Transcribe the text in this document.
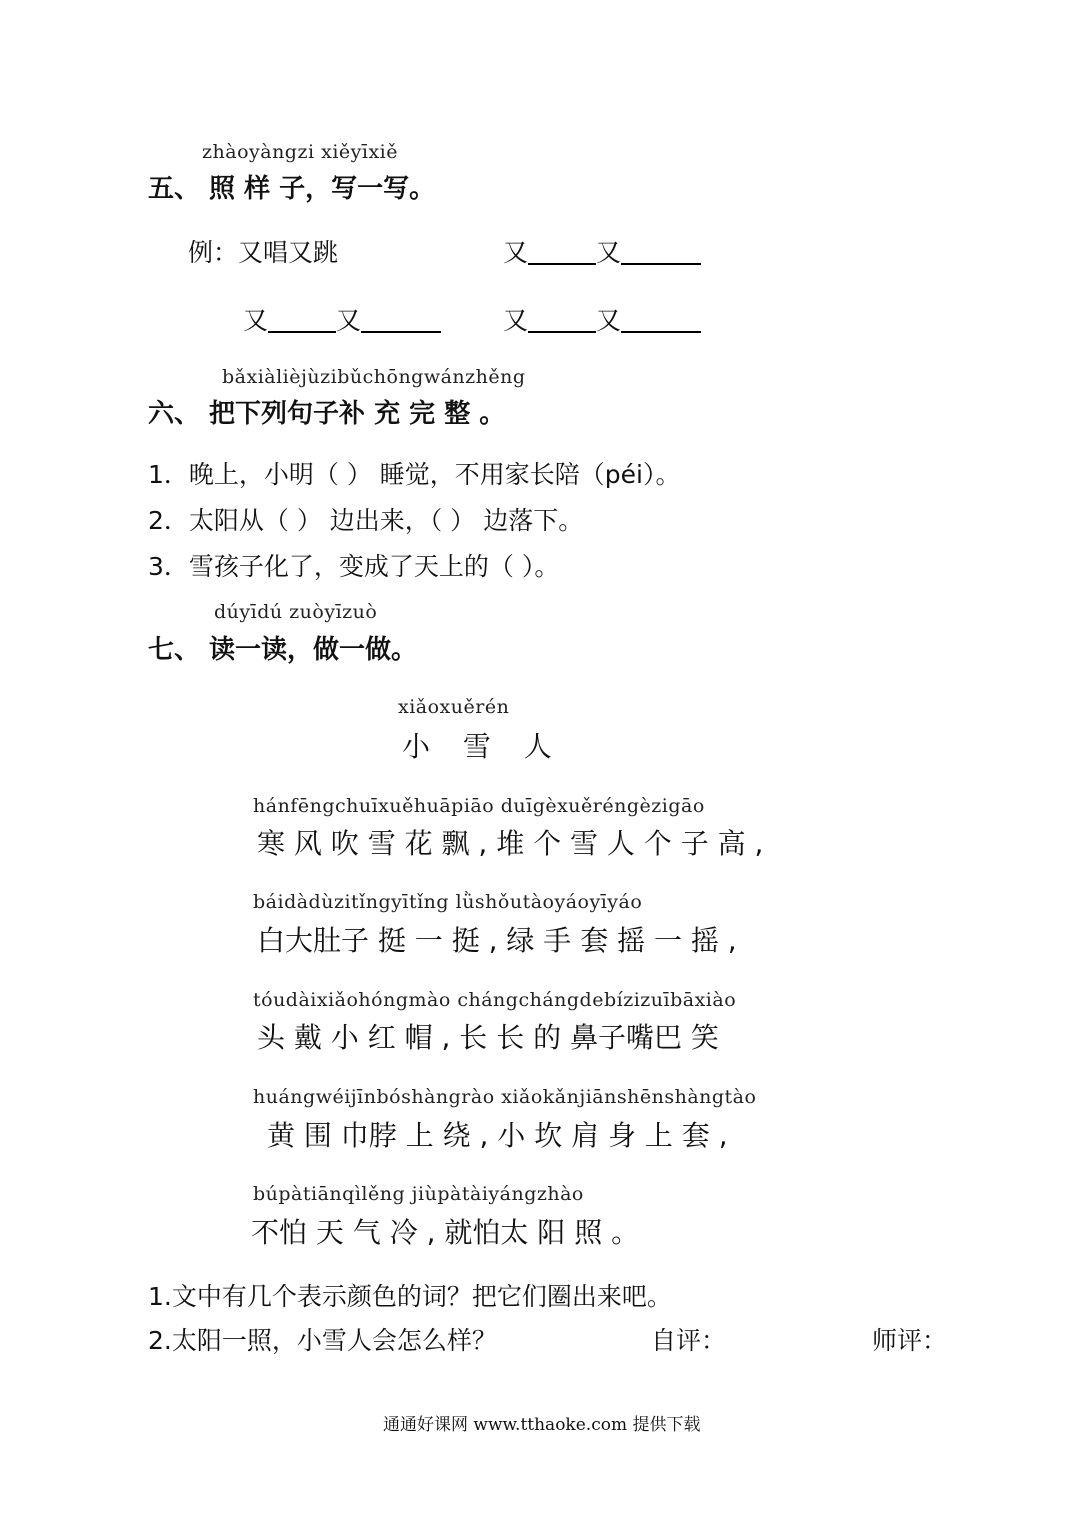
zhàoyàngzi xiěyīxiě
五、 照 样 子，写一写。
例：又唱又跳	又	又
又	又	又	又
bǎxiàlièjùzibǔchōngwánzhěng
六、 把下列句子补 充 完 整 。
1．晚上，小明（ ） 睡觉，不用家长陪（péi）。
2．太阳从（ ） 边出来，（ ） 边落下。
3．雪孩子化了，变成了天上的（ ）。
dúyīdú zuòyīzuò
七、 读一读，做一做。
xiǎoxuěrén
小 雪 人
hánfēngchuīxuěhuāpiāo duīgèxuěréngèzigāo
寒 风 吹 雪 花 飘 , 堆 个 雪 人 个 子 高 ,
báidàdùzitǐngyītǐng lǜshǒutàoyáoyīyáo
白大肚子 挺 一 挺 , 绿 手 套 摇 一 摇 ,
tóudàixiǎohóngmào chángchángdebízizuībāxiào
头 戴 小 红 帽 , 长 长 的 鼻子嘴巴 笑
huángwéijīnbóshàngrào xiǎokǎnjiānshēnshàngtào
黄 围 巾脖 上 绕 , 小 坎 肩 身 上 套 ,
búpàtiānqìlěng jiùpàtàiyángzhào
不怕 天 气 冷 , 就怕太 阳 照 。
1.文中有几个表示颜色的词？把它们圈出来吧。
2.太阳一照，小雪人会怎么样？	自评：	师评：
通通好课网 www.tthaoke.com 提供下载
